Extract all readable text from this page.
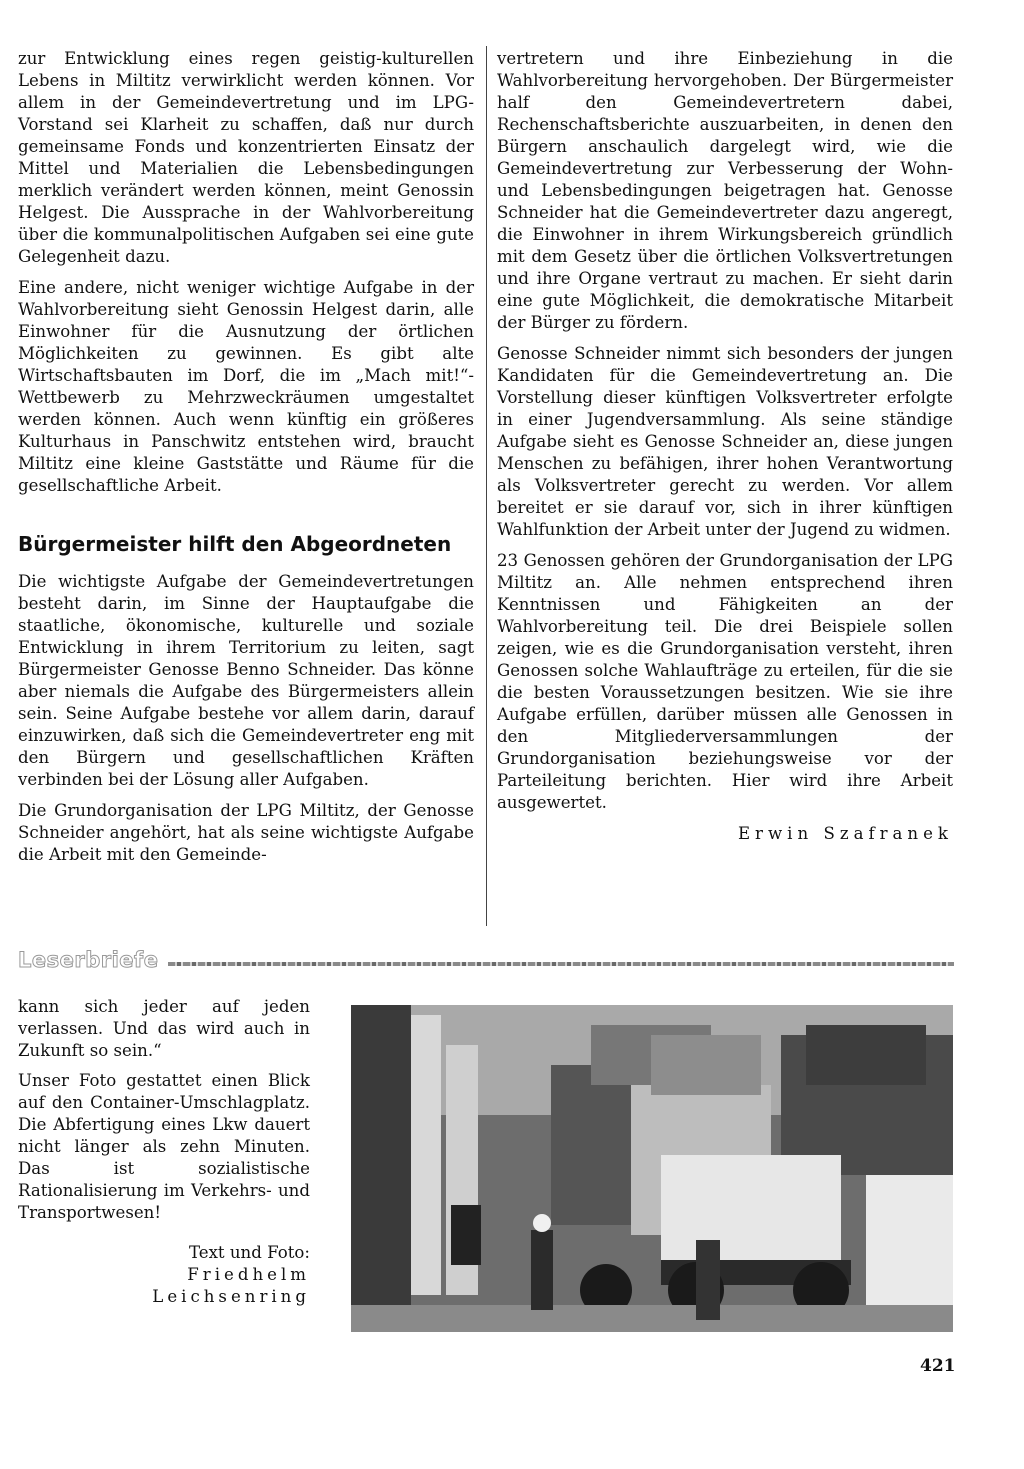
zur Entwicklung eines regen geistig-kulturellen Lebens in Miltitz verwirklicht werden können. Vor allem in der Gemeindevertretung und im LPG-Vorstand sei Klarheit zu schaffen, daß nur durch gemeinsame Fonds und konzentrierten Einsatz der Mittel und Materialien die Lebensbedingungen merklich verändert werden können, meint Genossin Helgest. Die Aussprache in der Wahlvorbereitung über die kommunalpolitischen Aufgaben sei eine gute Gelegenheit dazu.

Eine andere, nicht weniger wichtige Aufgabe in der Wahlvorbereitung sieht Genossin Helgest darin, alle Einwohner für die Ausnutzung der örtlichen Möglichkeiten zu gewinnen. Es gibt alte Wirtschaftsbauten im Dorf, die im „Mach mit!“-Wettbewerb zu Mehrzweckräumen umgestaltet werden können. Auch wenn künftig ein größeres Kulturhaus in Panschwitz entstehen wird, braucht Miltitz eine kleine Gaststätte und Räume für die gesellschaftliche Arbeit.

Bürgermeister hilft den Abgeordneten

Die wichtigste Aufgabe der Gemeindevertretungen besteht darin, im Sinne der Hauptaufgabe die staatliche, ökonomische, kulturelle und soziale Entwicklung in ihrem Territorium zu leiten, sagt Bürgermeister Genosse Benno Schneider. Das könne aber niemals die Aufgabe des Bürgermeisters allein sein. Seine Aufgabe bestehe vor allem darin, darauf einzuwirken, daß sich die Gemeindevertreter eng mit den Bürgern und gesellschaftlichen Kräften verbinden bei der Lösung aller Aufgaben.

Die Grundorganisation der LPG Miltitz, der Genosse Schneider angehört, hat als seine wichtigste Aufgabe die Arbeit mit den Gemeinde-

vertretern und ihre Einbeziehung in die Wahlvorbereitung hervorgehoben. Der Bürgermeister half den Gemeindevertretern dabei, Rechenschaftsberichte auszuarbeiten, in denen den Bürgern anschaulich dargelegt wird, wie die Gemeindevertretung zur Verbesserung der Wohn- und Lebensbedingungen beigetragen hat. Genosse Schneider hat die Gemeindevertreter dazu angeregt, die Einwohner in ihrem Wirkungsbereich gründlich mit dem Gesetz über die örtlichen Volksvertretungen und ihre Organe vertraut zu machen. Er sieht darin eine gute Möglichkeit, die demokratische Mitarbeit der Bürger zu fördern.

Genosse Schneider nimmt sich besonders der jungen Kandidaten für die Gemeindevertretung an. Die Vorstellung dieser künftigen Volksvertreter erfolgte in einer Jugendversammlung. Als seine ständige Aufgabe sieht es Genosse Schneider an, diese jungen Menschen zu befähigen, ihrer hohen Verantwortung als Volksvertreter gerecht zu werden. Vor allem bereitet er sie darauf vor, sich in ihrer künftigen Wahlfunktion der Arbeit unter der Jugend zu widmen.

23 Genossen gehören der Grundorganisation der LPG Miltitz an. Alle nehmen entsprechend ihren Kenntnissen und Fähigkeiten an der Wahlvorbereitung teil. Die drei Beispiele sollen zeigen, wie es die Grundorganisation versteht, ihren Genossen solche Wahlaufträge zu erteilen, für die sie die besten Voraussetzungen besitzen. Wie sie ihre Aufgabe erfüllen, darüber müssen alle Genossen in den Mitgliederversammlungen der Grundorganisation beziehungsweise vor der Parteileitung berichten. Hier wird ihre Arbeit ausgewertet.

Erwin Szafranek

Leserbriefe

kann sich jeder auf jeden verlassen. Und das wird auch in Zukunft so sein.“

Unser Foto gestattet einen Blick auf den Container-Umschlagplatz. Die Abfertigung eines Lkw dauert nicht länger als zehn Minuten. Das ist sozialistische Rationalisierung im Verkehrs- und Transportwesen!

Text und Foto:
Friedhelm
Leichsenring

421
